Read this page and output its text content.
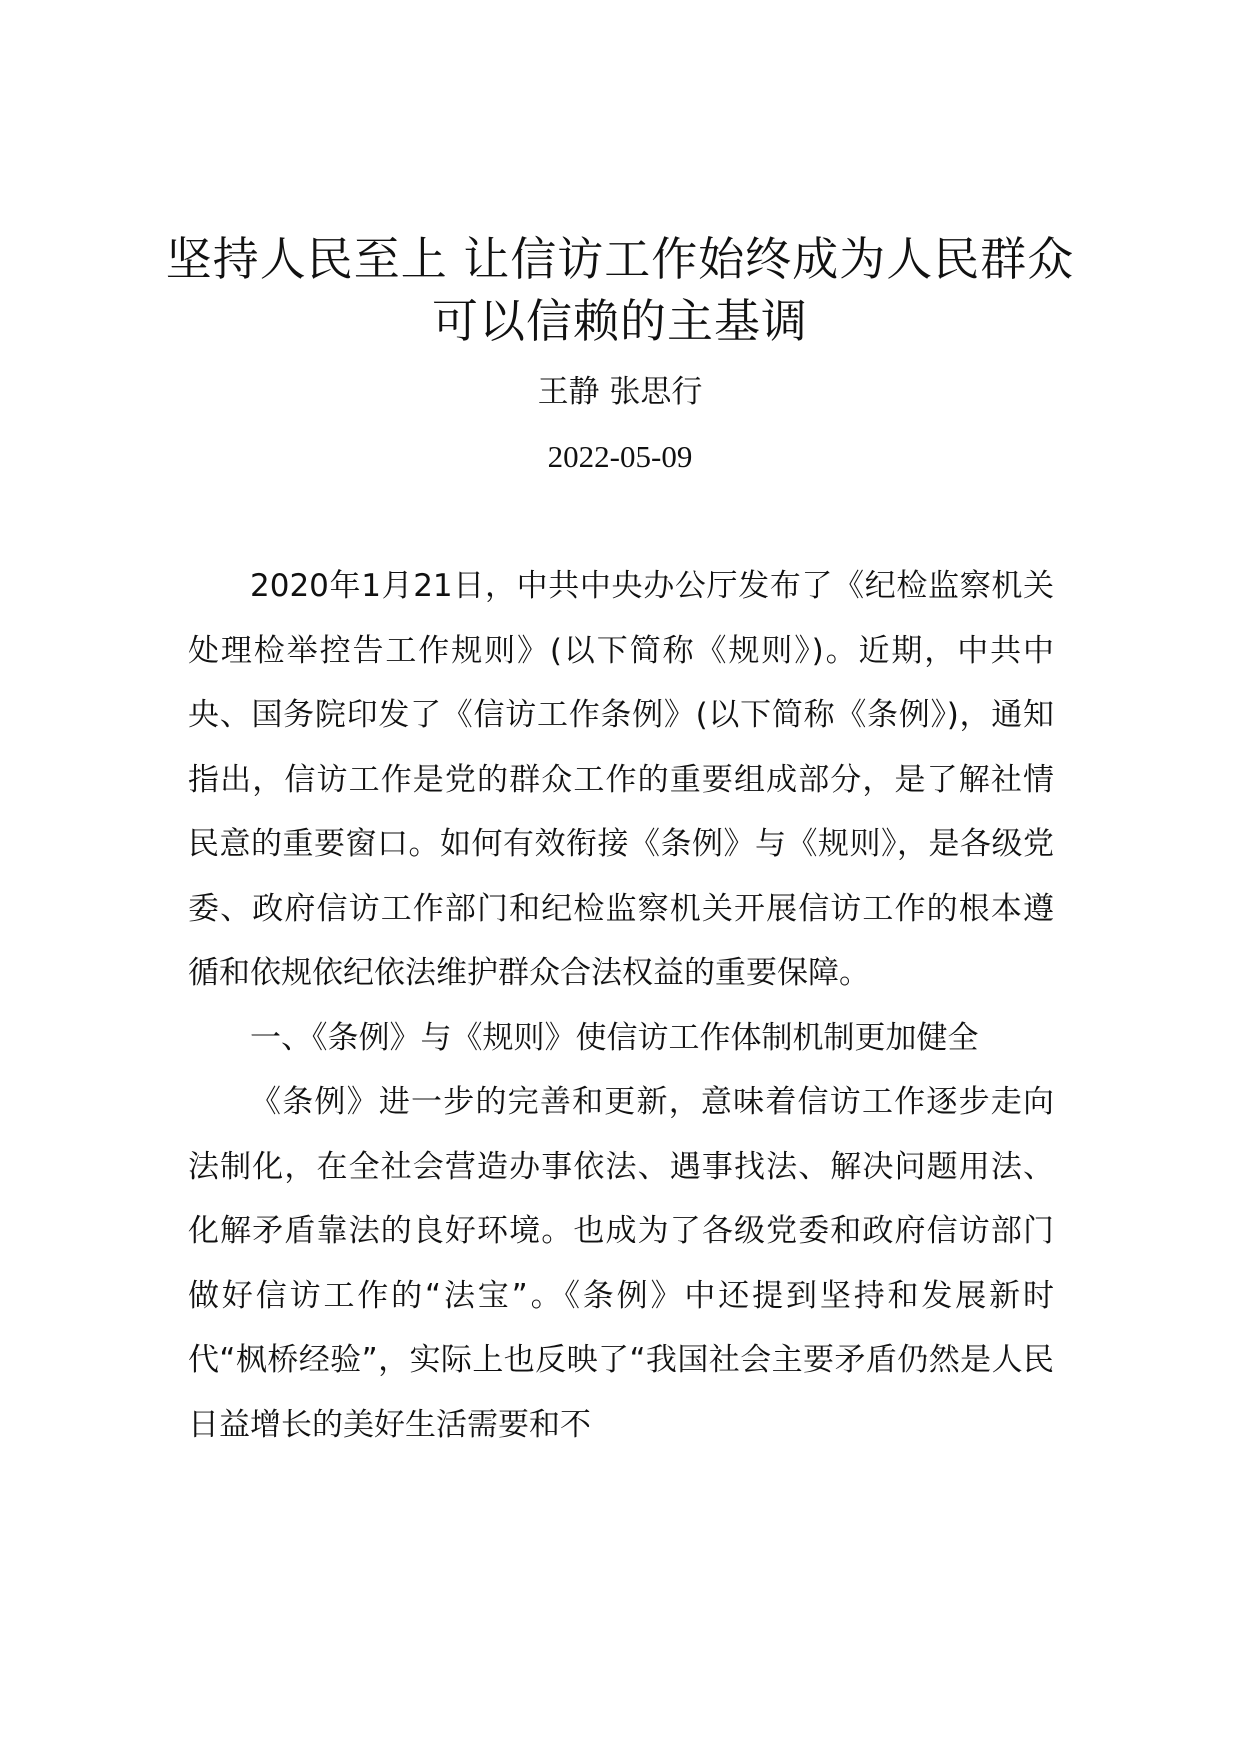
坚持人民至上 让信访工作始终成为人民群众可以信赖的主基调
王静 张思行
2022-05-09

2020年1月21日，中共中央办公厅发布了《纪检监察机关处理检举控告工作规则》(以下简称《规则》)。近期，中共中央、国务院印发了《信访工作条例》(以下简称《条例》)，通知指出，信访工作是党的群众工作的重要组成部分，是了解社情民意的重要窗口。如何有效衔接《条例》与《规则》，是各级党委、政府信访工作部门和纪检监察机关开展信访工作的根本遵循和依规依纪依法维护群众合法权益的重要保障。

一、《条例》与《规则》使信访工作体制机制更加健全

《条例》进一步的完善和更新，意味着信访工作逐步走向法制化，在全社会营造办事依法、遇事找法、解决问题用法、化解矛盾靠法的良好环境。也成为了各级党委和政府信访部门做好信访工作的“法宝”。《条例》中还提到坚持和发展新时代“枫桥经验”，实际上也反映了“我国社会主要矛盾仍然是人民日益增长的美好生活需要和不
